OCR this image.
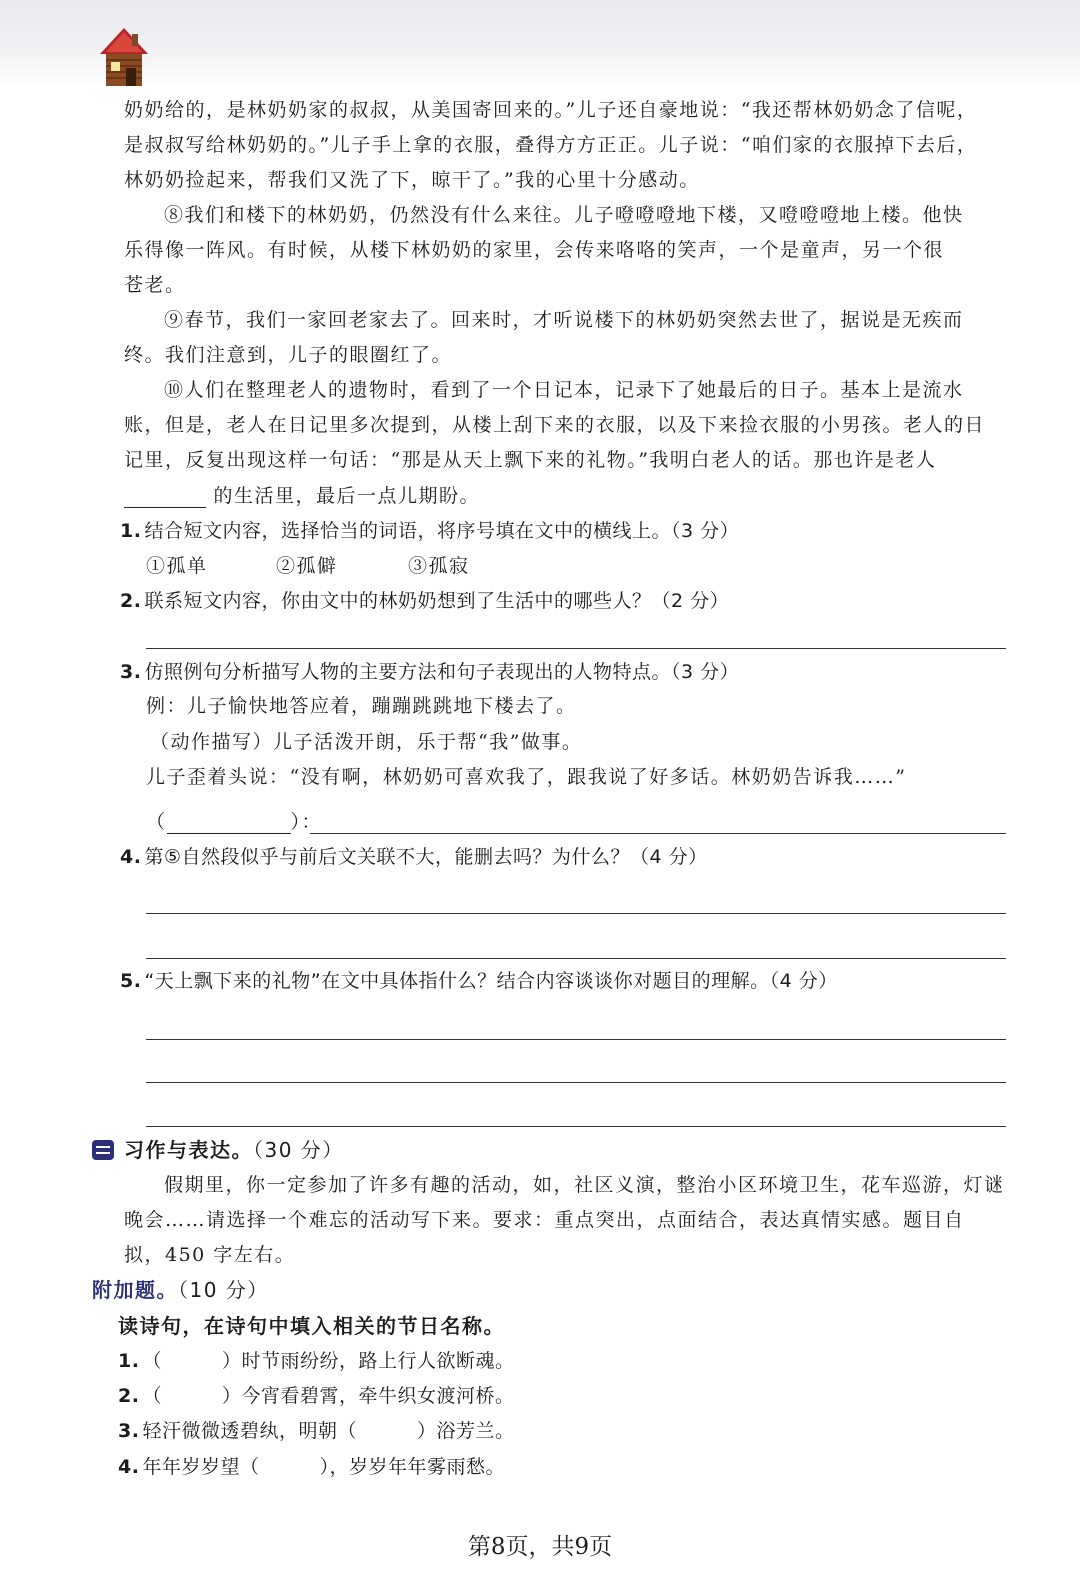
奶奶给的，是林奶奶家的叔叔，从美国寄回来的。”儿子还自豪地说：“我还帮林奶奶念了信呢，
是叔叔写给林奶奶的。”儿子手上拿的衣服，叠得方方正正。儿子说：“咱们家的衣服掉下去后，
林奶奶捡起来，帮我们又洗了下，晾干了。”我的心里十分感动。
⑧我们和楼下的林奶奶，仍然没有什么来往。儿子噔噔噔地下楼，又噔噔噔地上楼。他快
乐得像一阵风。有时候，从楼下林奶奶的家里，会传来咯咯的笑声，一个是童声，另一个很
苍老。
⑨春节，我们一家回老家去了。回来时，才听说楼下的林奶奶突然去世了，据说是无疾而
终。我们注意到，儿子的眼圈红了。
⑩人们在整理老人的遗物时，看到了一个日记本，记录下了她最后的日子。基本上是流水
账，但是，老人在日记里多次提到，从楼上刮下来的衣服，以及下来捡衣服的小男孩。老人的日
记里，反复出现这样一句话：“那是从天上飘下来的礼物。”我明白老人的话。那也许是老人
的生活里，最后一点儿期盼。
1. 结合短文内容，选择恰当的词语，将序号填在文中的横线上。（3 分）
①孤单	②孤僻	③孤寂
2. 联系短文内容，你由文中的林奶奶想到了生活中的哪些人？（2 分）
3. 仿照例句分析描写人物的主要方法和句子表现出的人物特点。（3 分）
例：儿子愉快地答应着，蹦蹦跳跳地下楼去了。
（动作描写）儿子活泼开朗，乐于帮“我”做事。
儿子歪着头说：“没有啊，林奶奶可喜欢我了，跟我说了好多话。林奶奶告诉我……”
（	）：
4. 第⑤自然段似乎与前后文关联不大，能删去吗？为什么？（4 分）
5. “天上飘下来的礼物”在文中具体指什么？结合内容谈谈你对题目的理解。（4 分）
习作与表达。（30 分）
假期里，你一定参加了许多有趣的活动，如，社区义演，整治小区环境卫生，花车巡游，灯谜
晚会……请选择一个难忘的活动写下来。要求：重点突出，点面结合，表达真情实感。题目自
拟，450 字左右。
附加题。（10 分）
读诗句，在诗句中填入相关的节日名称。
1. （	）时节雨纷纷，路上行人欲断魂。
2. （	）今宵看碧霄，牵牛织女渡河桥。
3. 轻汗微微透碧纨，明朝（	）浴芳兰。
4. 年年岁岁望（	），岁岁年年雾雨愁。
第8页，共9页
